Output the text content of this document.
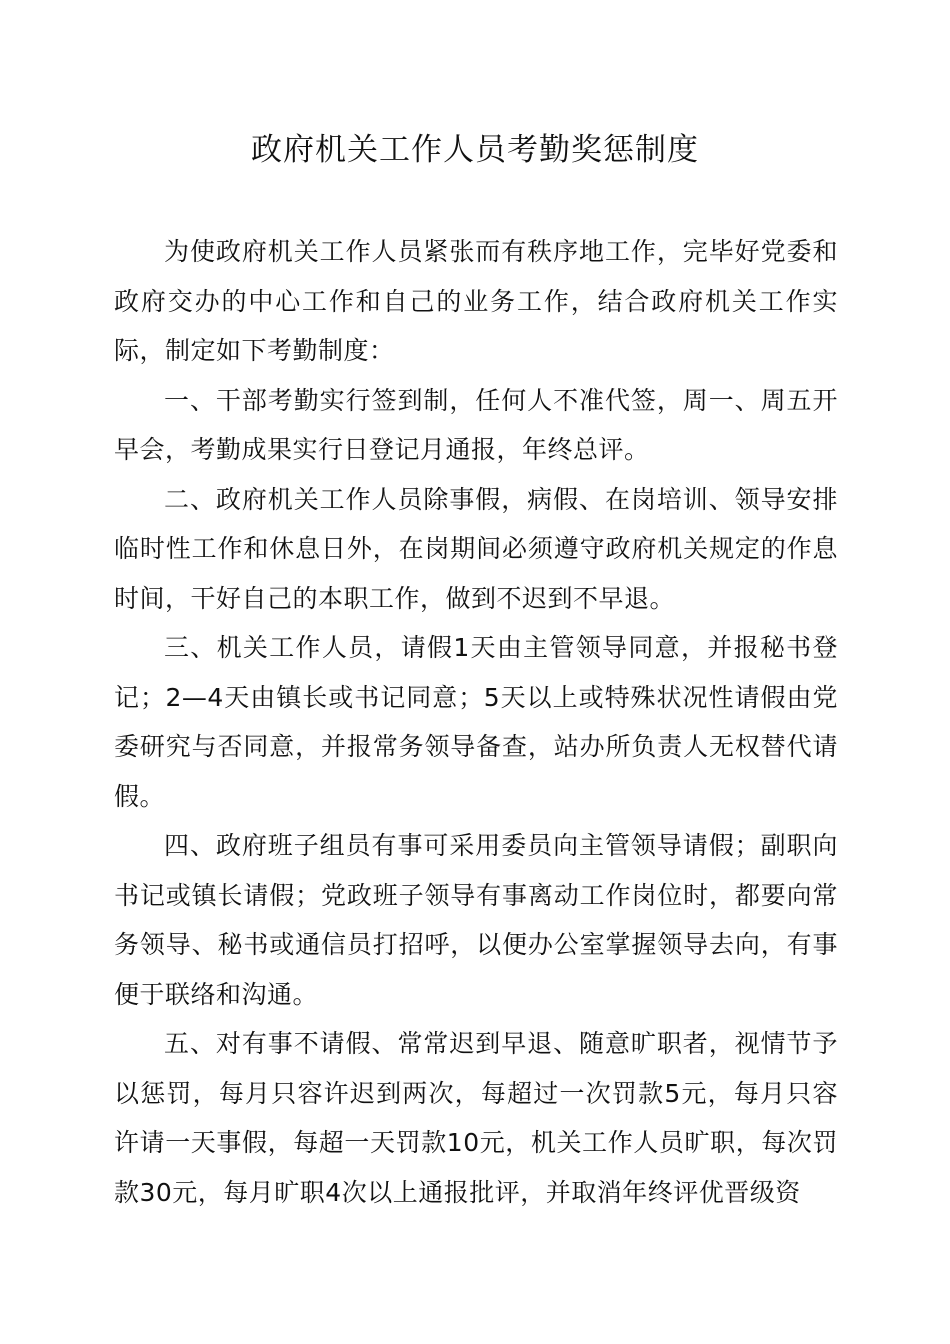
政府机关工作人员考勤奖惩制度

为使政府机关工作人员紧张而有秩序地工作，完毕好党委和政府交办的中心工作和自己的业务工作，结合政府机关工作实际，制定如下考勤制度：

一、干部考勤实行签到制，任何人不准代签，周一、周五开早会，考勤成果实行日登记月通报，年终总评。

二、政府机关工作人员除事假，病假、在岗培训、领导安排临时性工作和休息日外，在岗期间必须遵守政府机关规定的作息时间，干好自己的本职工作，做到不迟到不早退。

三、机关工作人员，请假1天由主管领导同意，并报秘书登记；2—4天由镇长或书记同意；5天以上或特殊状况性请假由党委研究与否同意，并报常务领导备查，站办所负责人无权替代请假。

四、政府班子组员有事可采用委员向主管领导请假；副职向书记或镇长请假；党政班子领导有事离动工作岗位时，都要向常务领导、秘书或通信员打招呼，以便办公室掌握领导去向，有事便于联络和沟通。

五、对有事不请假、常常迟到早退、随意旷职者，视情节予以惩罚，每月只容许迟到两次，每超过一次罚款5元，每月只容许请一天事假，每超一天罚款10元，机关工作人员旷职，每次罚款30元，每月旷职4次以上通报批评，并取消年终评优晋级资
